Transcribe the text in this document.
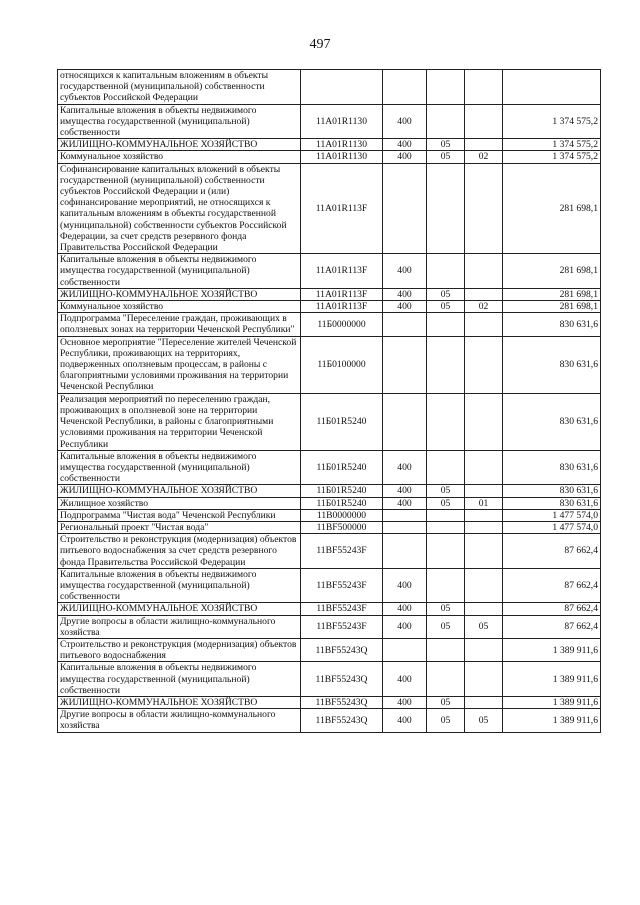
497
относящихся к капитальным вложениям в объекты государственной (муниципальной) собственности субъектов Российской Федерации					
Капитальные вложения в объекты недвижимого имущества государственной (муниципальной) собственности	11А01R1130	400			1 374 575,2
ЖИЛИЩНО-КОММУНАЛЬНОЕ ХОЗЯЙСТВО	11А01R1130	400	05		1 374 575,2
Коммунальное хозяйство	11А01R1130	400	05	02	1 374 575,2
Софинансирование капитальных вложений в объекты государственной (муниципальной) собственности субъектов Российской Федерации и (или) софинансирование мероприятий, не относящихся к капитальным вложениям в объекты государственной (муниципальной) собственности субъектов Российской Федерации, за счет средств резервного фонда Правительства Российской Федерации	11А01R113F				281 698,1
Капитальные вложения в объекты недвижимого имущества государственной (муниципальной) собственности	11А01R113F	400			281 698,1
ЖИЛИЩНО-КОММУНАЛЬНОЕ ХОЗЯЙСТВО	11А01R113F	400	05		281 698,1
Коммунальное хозяйство	11А01R113F	400	05	02	281 698,1
Подпрограмма "Переселение граждан, проживающих в оползневых зонах на территории Чеченской Республики"	11Б0000000				830 631,6
Основное мероприятие "Переселение жителей Чеченской Республики, проживающих на территориях, подверженных оползневым процессам, в районы с благоприятными условиями проживания на территории Чеченской Республики	11Б0100000				830 631,6
Реализация мероприятий по переселению граждан, проживающих в оползневой зоне на территории Чеченской Республики, в районы с благоприятными условиями проживания на территории Чеченской Республики	11Б01R5240				830 631,6
Капитальные вложения в объекты недвижимого имущества государственной (муниципальной) собственности	11Б01R5240	400			830 631,6
ЖИЛИЩНО-КОММУНАЛЬНОЕ ХОЗЯЙСТВО	11Б01R5240	400	05		830 631,6
Жилищное хозяйство	11Б01R5240	400	05	01	830 631,6
Подпрограмма "Чистая вода" Чеченской Республики	11В0000000				1 477 574,0
Региональный проект "Чистая вода"	11ВF500000				1 477 574,0
Строительство и реконструкция (модернизация) объектов питьевого водоснабжения за счет средств резервного фонда Правительства Российской Федерации	11ВF55243F				87 662,4
Капитальные вложения в объекты недвижимого имущества государственной (муниципальной) собственности	11ВF55243F	400			87 662,4
ЖИЛИЩНО-КОММУНАЛЬНОЕ ХОЗЯЙСТВО	11ВF55243F	400	05		87 662,4
Другие вопросы в области жилищно-коммунального хозяйства	11ВF55243F	400	05	05	87 662,4
Строительство и реконструкция (модернизация) объектов питьевого водоснабжения	11ВF55243Q				1 389 911,6
Капитальные вложения в объекты недвижимого имущества государственной (муниципальной) собственности	11ВF55243Q	400			1 389 911,6
ЖИЛИЩНО-КОММУНАЛЬНОЕ ХОЗЯЙСТВО	11ВF55243Q	400	05		1 389 911,6
Другие вопросы в области жилищно-коммунального хозяйства	11ВF55243Q	400	05	05	1 389 911,6
